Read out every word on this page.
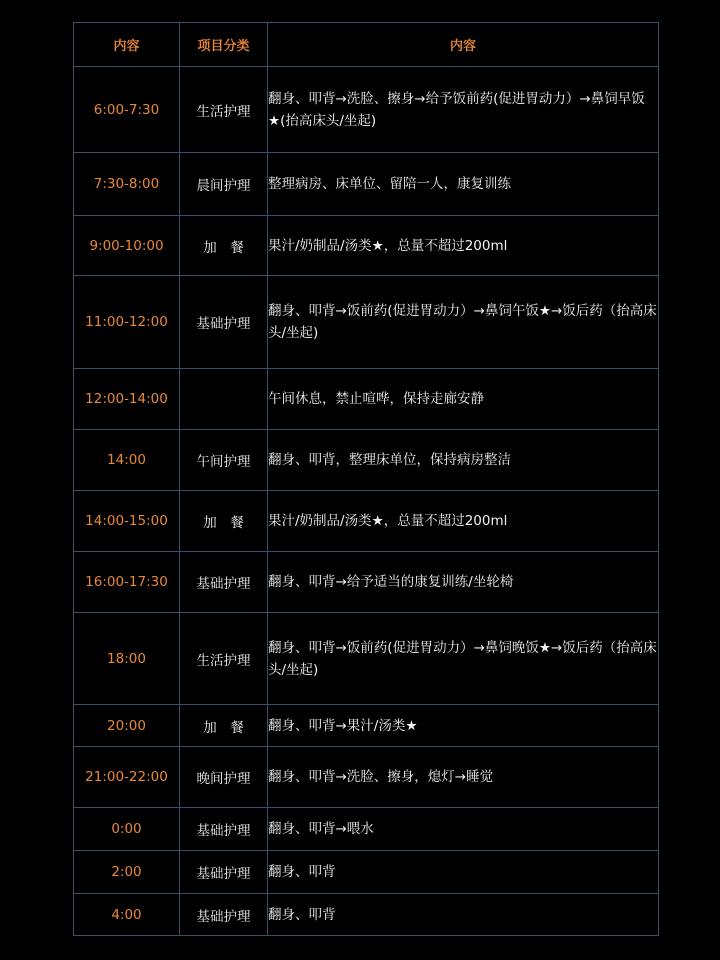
内容	项目分类	内容
6:00-7:30	生活护理	翻身、叩背→洗脸、擦身→给予饭前药(促进胃动力）→鼻饲早饭★(抬高床头/坐起)
7:30-8:00	晨间护理	整理病房、床单位、留陪一人，康复训练
9:00-10:00	加　餐	果汁/奶制品/汤类★，总量不超过200ml
11:00-12:00	基础护理	翻身、叩背→饭前药(促进胃动力）→鼻饲午饭★→饭后药（抬高床头/坐起)
12:00-14:00		午间休息，禁止喧哗，保持走廊安静
14:00	午间护理	翻身、叩背，整理床单位，保持病房整洁
14:00-15:00	加　餐	果汁/奶制品/汤类★，总量不超过200ml
16:00-17:30	基础护理	翻身、叩背→给予适当的康复训练/坐轮椅
18:00	生活护理	翻身、叩背→饭前药(促进胃动力）→鼻饲晚饭★→饭后药（抬高床头/坐起)
20:00	加　餐	翻身、叩背→果汁/汤类★
21:00-22:00	晚间护理	翻身、叩背→洗脸、擦身，熄灯→睡觉
0:00	基础护理	翻身、叩背→喂水
2:00	基础护理	翻身、叩背
4:00	基础护理	翻身、叩背
